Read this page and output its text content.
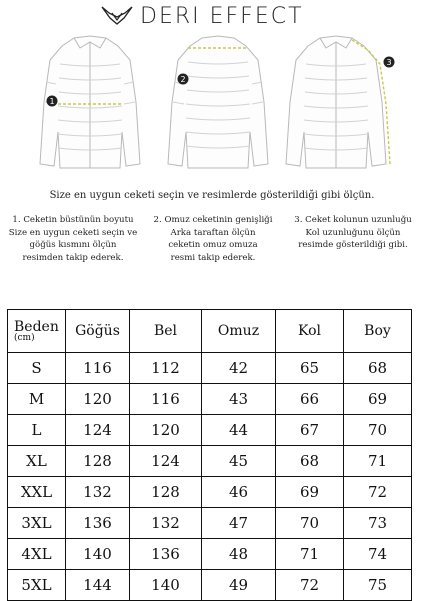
DERI EFFECT
1
2
3
Size en uygun ceketi seçin ve resimlerde gösterildiği gibi ölçün.
1. Ceketin büstünün boyutu
Size en uygun ceketi seçin ve
göğüs kısmını ölçün
resimden takip ederek.
2. Omuz ceketinin genişliği
Arka taraftan ölçün
ceketin omuz omuza
resmi takip ederek.
3. Ceket kolunun uzunluğu
Kol uzunluğunu ölçün
resimde gösterildiği gibi.
Beden
(cm)	Göğüs	Bel	Omuz	Kol	Boy
S	116	112	42	65	68
M	120	116	43	66	69
L	124	120	44	67	70
XL	128	124	45	68	71
XXL	132	128	46	69	72
3XL	136	132	47	70	73
4XL	140	136	48	71	74
5XL	144	140	49	72	75
